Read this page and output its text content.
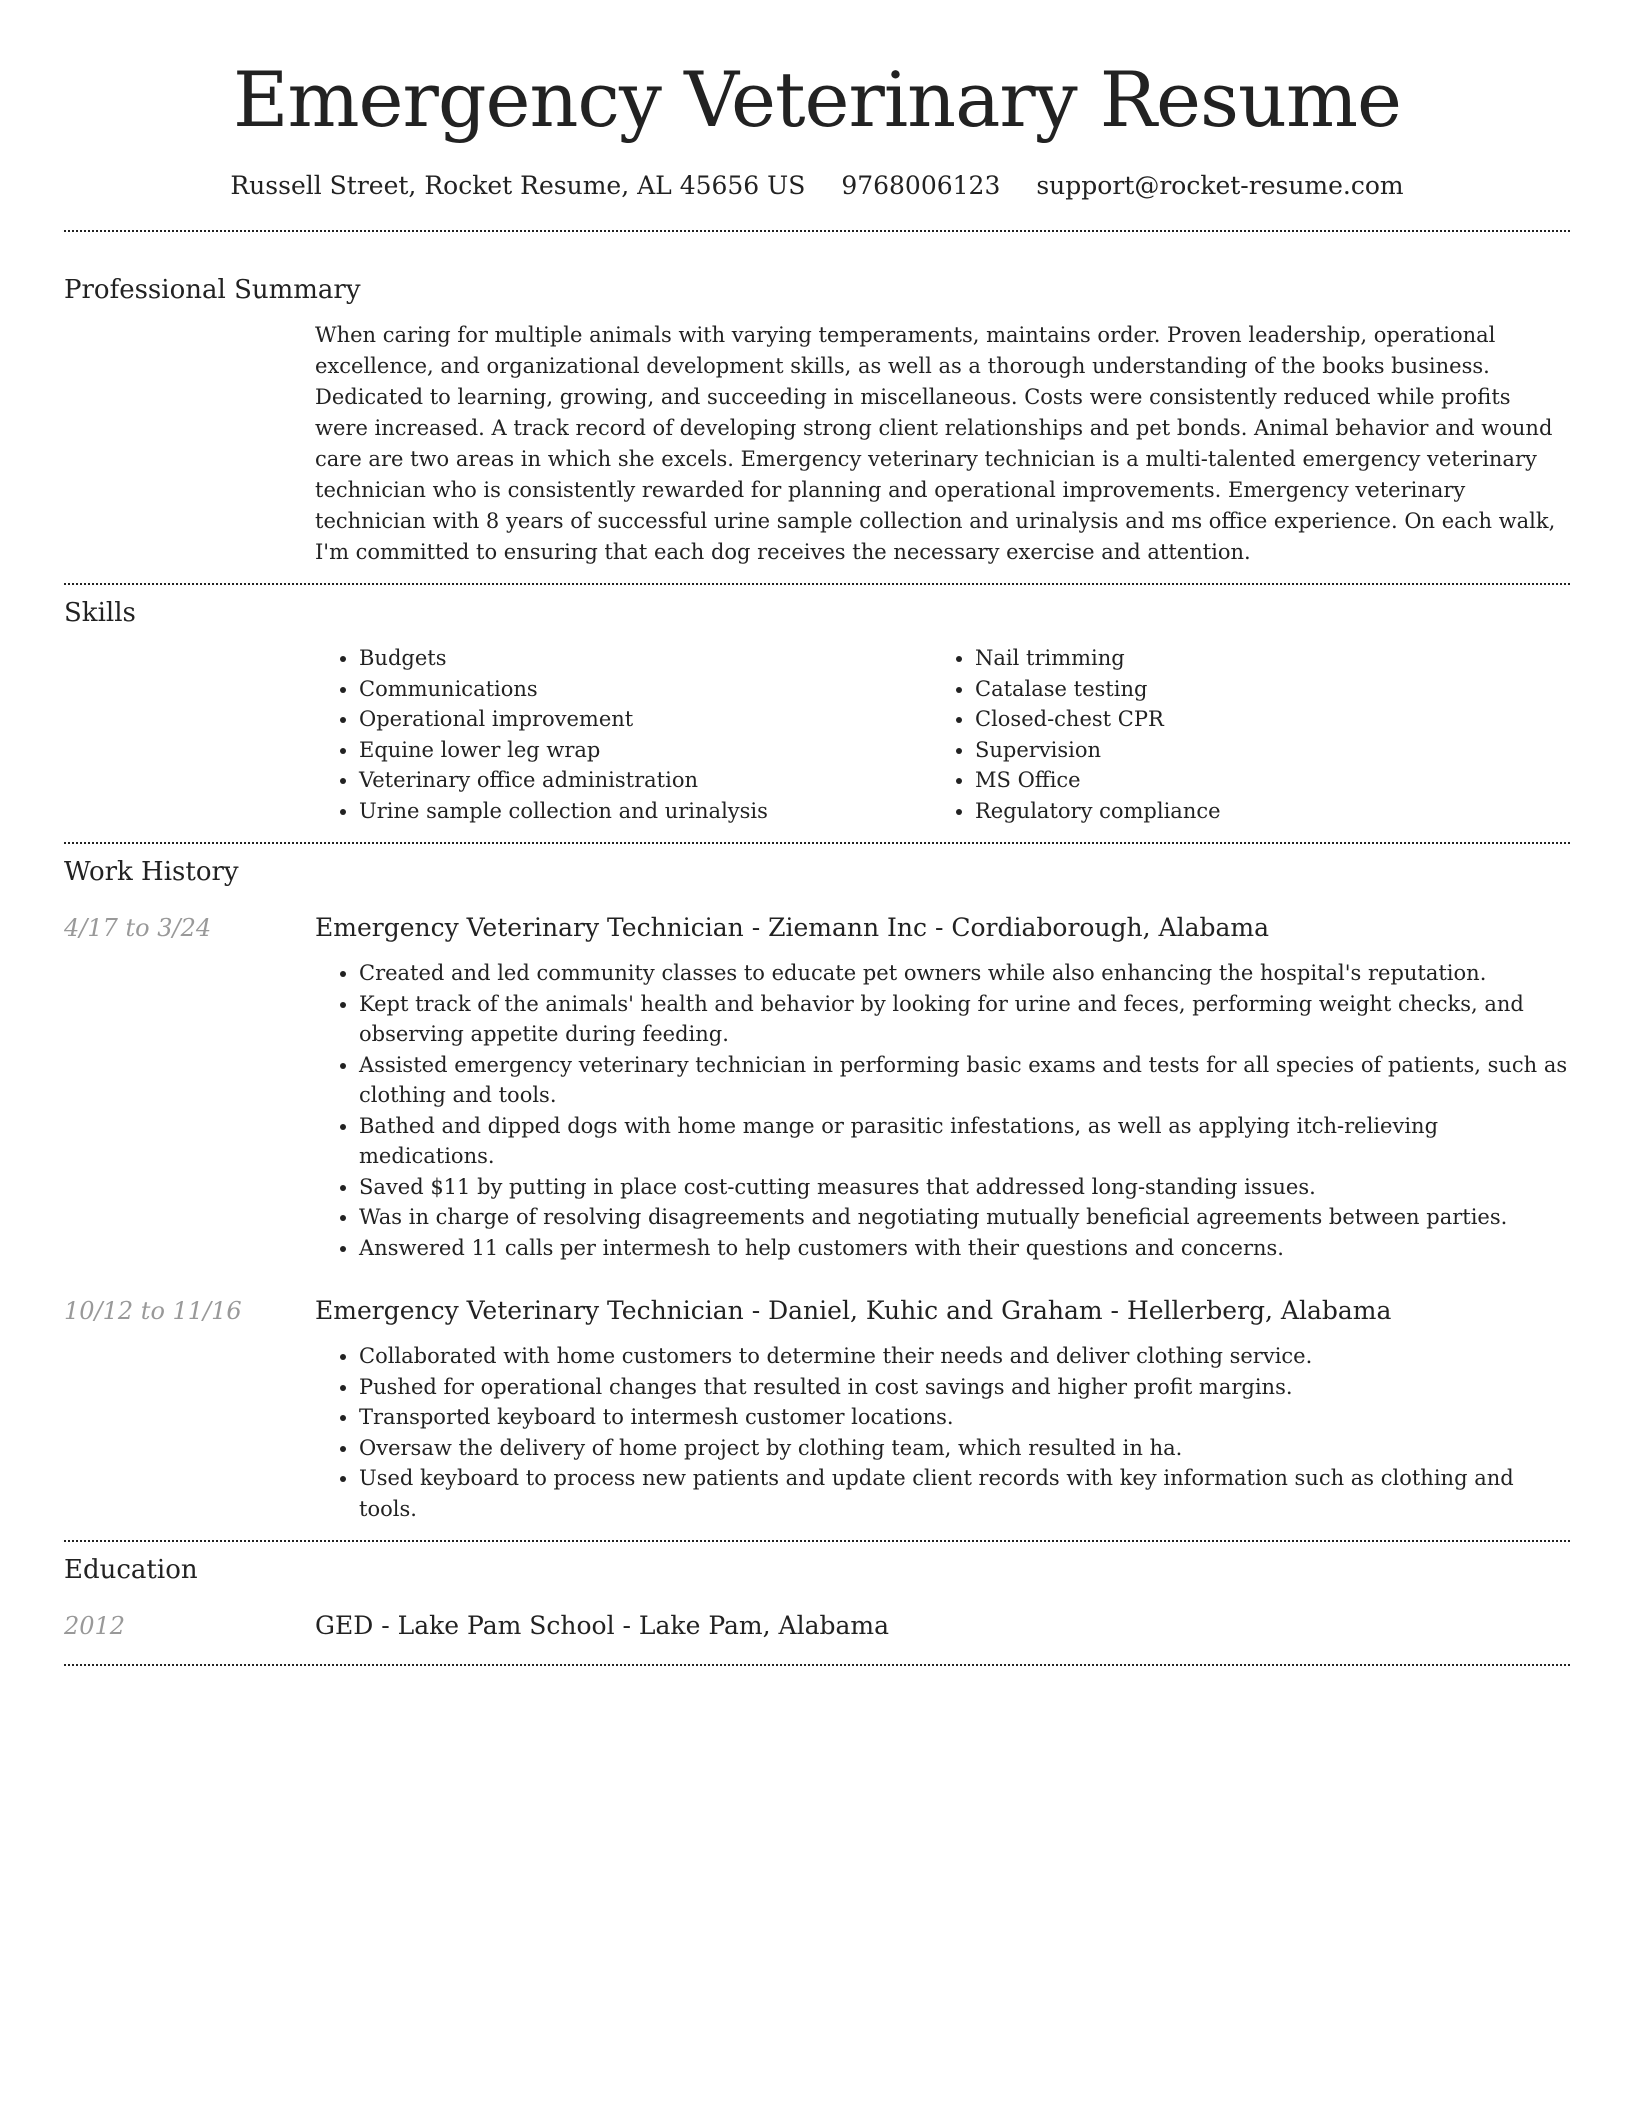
Emergency Veterinary Resume
Russell Street, Rocket Resume, AL 45656 US 9768006123 support@rocket-resume.com
Professional Summary
When caring for multiple animals with varying temperaments, maintains order. Proven leadership, operational excellence, and organizational development skills, as well as a thorough understanding of the books business. Dedicated to learning, growing, and succeeding in miscellaneous. Costs were consistently reduced while profits were increased. A track record of developing strong client relationships and pet bonds. Animal behavior and wound care are two areas in which she excels. Emergency veterinary technician is a multi-talented emergency veterinary technician who is consistently rewarded for planning and operational improvements. Emergency veterinary technician with 8 years of successful urine sample collection and urinalysis and ms office experience. On each walk, I'm committed to ensuring that each dog receives the necessary exercise and attention.
Skills
• Budgets
• Communications
• Operational improvement
• Equine lower leg wrap
• Veterinary office administration
• Urine sample collection and urinalysis
• Nail trimming
• Catalase testing
• Closed-chest CPR
• Supervision
• MS Office
• Regulatory compliance
Work History
4/17 to 3/24	Emergency Veterinary Technician - Ziemann Inc - Cordiaborough, Alabama
• Created and led community classes to educate pet owners while also enhancing the hospital's reputation.
• Kept track of the animals' health and behavior by looking for urine and feces, performing weight checks, and observing appetite during feeding.
• Assisted emergency veterinary technician in performing basic exams and tests for all species of patients, such as clothing and tools.
• Bathed and dipped dogs with home mange or parasitic infestations, as well as applying itch-relieving medications.
• Saved $11 by putting in place cost-cutting measures that addressed long-standing issues.
• Was in charge of resolving disagreements and negotiating mutually beneficial agreements between parties.
• Answered 11 calls per intermesh to help customers with their questions and concerns.
10/12 to 11/16	Emergency Veterinary Technician - Daniel, Kuhic and Graham - Hellerberg, Alabama
• Collaborated with home customers to determine their needs and deliver clothing service.
• Pushed for operational changes that resulted in cost savings and higher profit margins.
• Transported keyboard to intermesh customer locations.
• Oversaw the delivery of home project by clothing team, which resulted in ha.
• Used keyboard to process new patients and update client records with key information such as clothing and tools.
Education
2012	GED - Lake Pam School - Lake Pam, Alabama
